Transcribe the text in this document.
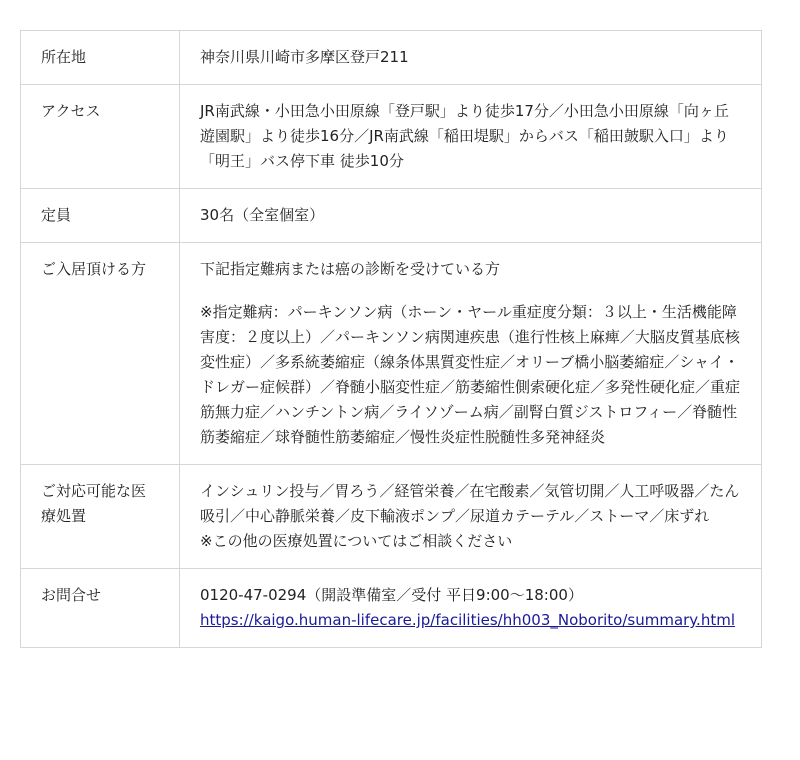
所在地	神奈川県川崎市多摩区登戸211

アクセス	JR南武線・小田急小田原線「登戸駅」より徒歩17分／小田急小田原線「向ヶ丘遊園駅」より徒歩16分／JR南武線「稲田堤駅」からバス「稲田皷駅入口」より「明王」バス停下車 徒歩10分

定員	30名（全室個室）

ご入居頂ける方	下記指定難病または癌の診断を受けている方
※指定難病：パーキンソン病（ホーン・ヤール重症度分類：３以上・生活機能障害度：２度以上）／パーキンソン病関連疾患（進行性核上麻痺／大脳皮質基底核変性症）／多系統萎縮症（線条体黒質変性症／オリーブ橋小脳萎縮症／シャイ・ドレガー症候群）／脊髄小脳変性症／筋萎縮性側索硬化症／多発性硬化症／重症筋無力症／ハンチントン病／ライソゾーム病／副腎白質ジストロフィー／脊髄性筋萎縮症／球脊髄性筋萎縮症／慢性炎症性脱髄性多発神経炎

ご対応可能な医療処置	インシュリン投与／胃ろう／経管栄養／在宅酸素／気管切開／人工呼吸器／たん吸引／中心静脈栄養／皮下輸液ポンプ／尿道カテーテル／ストーマ／床ずれ
※この他の医療処置についてはご相談ください

お問合せ	0120-47-0294（開設準備室／受付 平日9:00〜18:00）
https://kaigo.human-lifecare.jp/facilities/hh003_Noborito/summary.html
